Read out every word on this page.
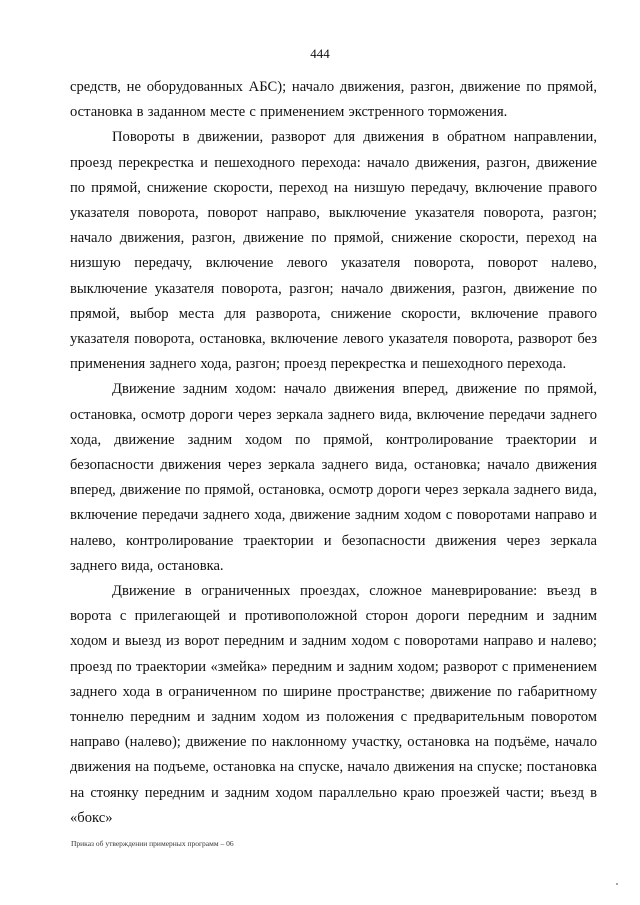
444

средств, не оборудованных АБС); начало движения, разгон, движение по прямой, остановка в заданном месте с применением экстренного торможения.

Повороты в движении, разворот для движения в обратном направлении, проезд перекрестка и пешеходного перехода: начало движения, разгон, движение по прямой, снижение скорости, переход на низшую передачу, включение правого указателя поворота, поворот направо, выключение указателя поворота, разгон; начало движения, разгон, движение по прямой, снижение скорости, переход на низшую передачу, включение левого указателя поворота, поворот налево, выключение указателя поворота, разгон; начало движения, разгон, движение по прямой, выбор места для разворота, снижение скорости, включение правого указателя поворота, остановка, включение левого указателя поворота, разворот без применения заднего хода, разгон; проезд перекрестка и пешеходного перехода.

Движение задним ходом: начало движения вперед, движение по прямой, остановка, осмотр дороги через зеркала заднего вида, включение передачи заднего хода, движение задним ходом по прямой, контролирование траектории и безопасности движения через зеркала заднего вида, остановка; начало движения вперед, движение по прямой, остановка, осмотр дороги через зеркала заднего вида, включение передачи заднего хода, движение задним ходом с поворотами направо и налево, контролирование траектории и безопасности движения через зеркала заднего вида, остановка.

Движение в ограниченных проездах, сложное маневрирование: въезд в ворота с прилегающей и противоположной сторон дороги передним и задним ходом и выезд из ворот передним и задним ходом с поворотами направо и налево; проезд по траектории «змейка» передним и задним ходом; разворот с применением заднего хода в ограниченном по ширине пространстве; движение по габаритному тоннелю передним и задним ходом из положения с предварительным поворотом направо (налево); движение по наклонному участку, остановка на подъёме, начало движения на подъеме, остановка на спуске, начало движения на спуске; постановка на стоянку передним и задним ходом параллельно краю проезжей части; въезд в «бокс»

Приказ об утверждении примерных программ – 06
